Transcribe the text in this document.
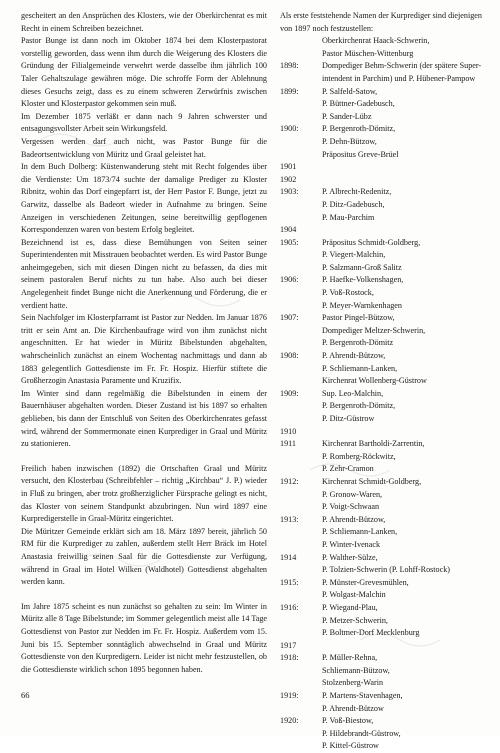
gescheitert an den Ansprüchen des Klosters, wie der Oberkirchenrat es mit Recht in einem Schreiben bezeichnet.

Pastor Bunge ist dann noch im Oktober 1874 bei dem Klosterpastorat vorstellig geworden, dass wenn ihm durch die Weigerung des Klosters die Gründung der Filialgemeinde verwehrt werde dasselbe ihm jährlich 100 Taler Gehaltszulage gewähren möge. Die schroffe Form der Ablehnung dieses Gesuchs zeigt, dass es zu einem schweren Zerwürfnis zwischen Kloster und Klosterpastor gekommen sein muß.

Im Dezember 1875 verläßt er dann nach 9 Jahren schwerster und entsagungsvollster Arbeit sein Wirkungsfeld.

Vergessen werden darf auch nicht, was Pastor Bunge für die Badeortsentwicklung von Müritz und Graal geleistet hat.

In dem Buch Dolberg: Küstenwanderung steht mit Recht folgendes über die Verdienste: Um 1873/74 suchte der damalige Prediger zu Kloster Ribnitz, wohin das Dorf eingepfarrt ist, der Herr Pastor F. Bunge, jetzt zu Garwitz, dasselbe als Badeort wieder in Aufnahme zu bringen. Seine Anzeigen in verschiedenen Zeitungen, seine bereitwillig gepflogenen Korrespondenzen waren von bestem Erfolg begleitet.

Bezeichnend ist es, dass diese Bemühungen von Seiten seiner Superintendenten mit Misstrauen beobachtet werden. Es wird Pastor Bunge anheimgegeben, sich mit diesen Dingen nicht zu befassen, da dies mit seinem pastoralen Beruf nichts zu tun habe. Also auch bei dieser Angelegenheit findet Bunge nicht die Anerkennung und Förderung, die er verdient hatte.

Sein Nachfolger im Klosterpfarramt ist Pastor zur Nedden. Im Januar 1876 tritt er sein Amt an. Die Kirchenbaufrage wird von ihm zunächst nicht angeschnitten. Er hat wieder in Müritz Bibelstunden abgehalten, wahrscheinlich zunächst an einem Wochentag nachmittags und dann ab 1883 gelegentlich Gottesdienste im Fr. Fr. Hospiz. Hierfür stiftete die Großherzogin Anastasia Paramente und Kruzifix.

Im Winter sind dann regelmäßig die Bibelstunden in einem der Bauernhäuser abgehalten worden. Dieser Zustand ist bis 1897 so erhalten geblieben, bis dann der Entschluß von Seiten des Oberkirchenrates gefasst wird, während der Sommermonate einen Kurprediger in Graal und Müritz zu stationieren.

Freilich haben inzwischen (1892) die Ortschaften Graal und Müritz versucht, den Klosterbau (Schreibfehler – richtig „Kirchbau“ J. P.) wieder in Fluß zu bringen, aber trotz großherziglicher Fürsprache gelingt es nicht, das Kloster von seinem Standpunkt abzubringen. Nun wird 1897 eine Kurpredigerstelle in Graal-Müritz eingerichtet.

Die Müritzer Gemeinde erklärt sich am 18. März 1897 bereit, jährlich 50 RM für die Kurprediger zu zahlen, außerdem stellt Herr Bräck im Hotel Anastasia freiwillig seinen Saal für die Gottesdienste zur Verfügung, während in Graal im Hotel Wilken (Waldhotel) Gottesdienst abgehalten werden kann.

Im Jahre 1875 scheint es nun zunächst so gehalten zu sein: Im Winter in Müritz alle 8 Tage Bibelstunde; im Sommer gelegentlich meist alle 14 Tage Gottesdienst von Pastor zur Nedden im Fr. Fr. Hospiz. Außerdem vom 15. Juni bis 15. September sonntäglich abwechselnd in Graal und Müritz Gottesdienste von den Kurpredigern. Leider ist nicht mehr festzustellen, ob die Gottesdienste wirklich schon 1895 begonnen haben.

Als erste feststehende Namen der Kurprediger sind diejenigen von 1897 noch festzustellen:
Oberkirchenrat Haack-Schwerin,
Pastor Müschen-Wittenburg
1898:	Dompediger Behm-Schwerin (der spätere Super-
intendent in Parchim) und P. Hübener-Pampow
1899:	P. Salfeld-Satow,
P. Büttner-Gadebusch,
P. Sander-Lübz
1900:	P. Bergenroth-Dömitz,
P. Dehn-Bützow,
Präpositus Greve-Brüel
1901
1902
1903:	P. Albrecht-Redenitz,
P. Ditz-Gadebusch,
P. Mau-Parchim
1904
1905:	Präpositus Schmidt-Goldberg,
P. Viegert-Malchin,
P. Salzmann-Groß Salitz
1906:	P. Haefke-Volkenshagen,
P. Voß-Rostock,
P. Meyer-Warnkenhagen
1907:	Pastor Pingel-Bützow,
Dompediger Meltzer-Schwerin,
P. Bergenroth-Dömitz
1908:	P. Ahrendt-Bützow,
P. Schliemann-Lanken,
Kirchenrat Wollenberg-Güstrow
1909:	Sup. Leo-Malchin,
P. Bergenroth-Dömitz,
P. Ditz-Güstrow
1910
1911	Kirchenrat Bartholdi-Zarrentin,
P. Romberg-Röckwitz,
P. Zehr-Cramon
1912:	Kirchenrat Schmidt-Goldberg,
P. Gronow-Waren,
P. Voigt-Schwaan
1913:	P. Ahrendt-Bützow,
P. Schliemann-Lanken,
P. Winter-Ivenack
1914	P. Walther-Sülze,
P. Tolzien-Schwerin (P. Lohff-Rostock)
1915:	P. Münster-Grevesmühlen,
P. Wolgast-Malchin
1916:	P. Wiegand-Plau,
P. Metzer-Schwerin,
P. Boltmer-Dorf Mecklenburg
1917
1918:	P. Müller-Rehna,
Schliemann-Bützow,
Stolzenberg-Warin
1919:	P. Martens-Stavenhagen,
P. Ahrendt-Bützow
1920:	P. Voß-Biestow,
P. Hildebrandt-Güstrow,
P. Kittel-Güstrow
66
